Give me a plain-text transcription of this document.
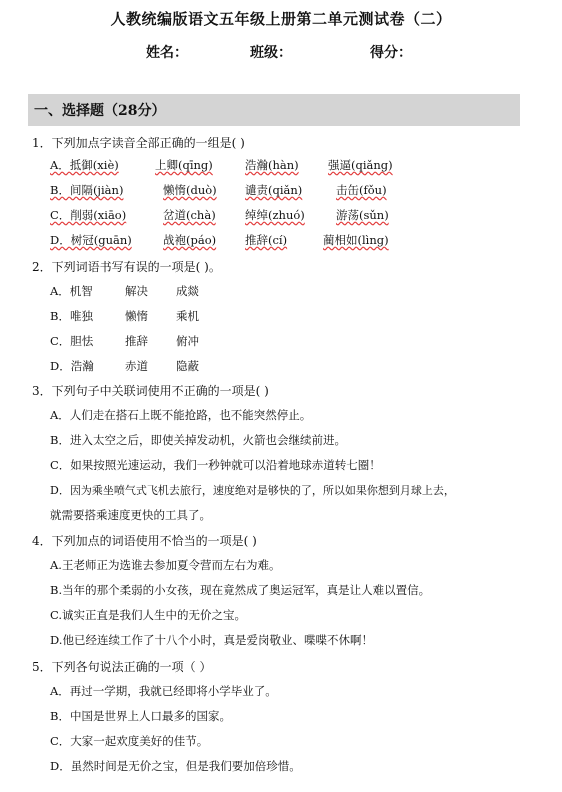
人教统编版语文五年级上册第二单元测试卷（二）
姓名：	班级：	得分：
一、选择题（28分）
1．下列加点字读音全部正确的一组是( )
A．抵御(xiè)	上卿(qīng)	浩瀚(hàn)	强逼(qiǎng)
B．间隔(jiàn)	懒惰(duò) 谴责(qiǎn)	击缶(fǒu)
C．削弱(xiāo)	岔道(chà)	绰绰(zhuó)	游荡(sǔn)
D．树冠(guān)	战袍(páo)	推辞(cí)	蔺相如(lìng)
2．下列词语书写有误的一项是( )。
A．机智	解决 成燚
B．唯独	懒惰 乘机
C．胆怯	推辞 俯冲
D．浩瀚	赤道 隐蔽
3．下列句子中关联词使用不正确的一项是( )
A．人们走在搭石上既不能抢路，也不能突然停止。
B．进入太空之后，即使关掉发动机，火箭也会继续前进。
C．如果按照光速运动，我们一秒钟就可以沿着地球赤道转七圈！
D．因为乘坐喷气式飞机去旅行，速度绝对是够快的了，所以如果你想到月球上去，
就需要搭乘速度更快的工具了。
4．下列加点的词语使用不恰当的一项是( )
A.王老师正为选谁去参加夏令营而左右为难。
B.当年的那个柔弱的小女孩，现在竟然成了奥运冠军，真是让人难以置信。
C.诚实正直是我们人生中的无价之宝。
D.他已经连续工作了十八个小时，真是爱岗敬业、喋喋不休啊！
5．下列各句说法正确的一项（ ）
A．再过一学期，我就已经即将小学毕业了。
B．中国是世界上人口最多的国家。
C．大家一起欢度美好的佳节。
D．虽然时间是无价之宝，但是我们要加倍珍惜。
